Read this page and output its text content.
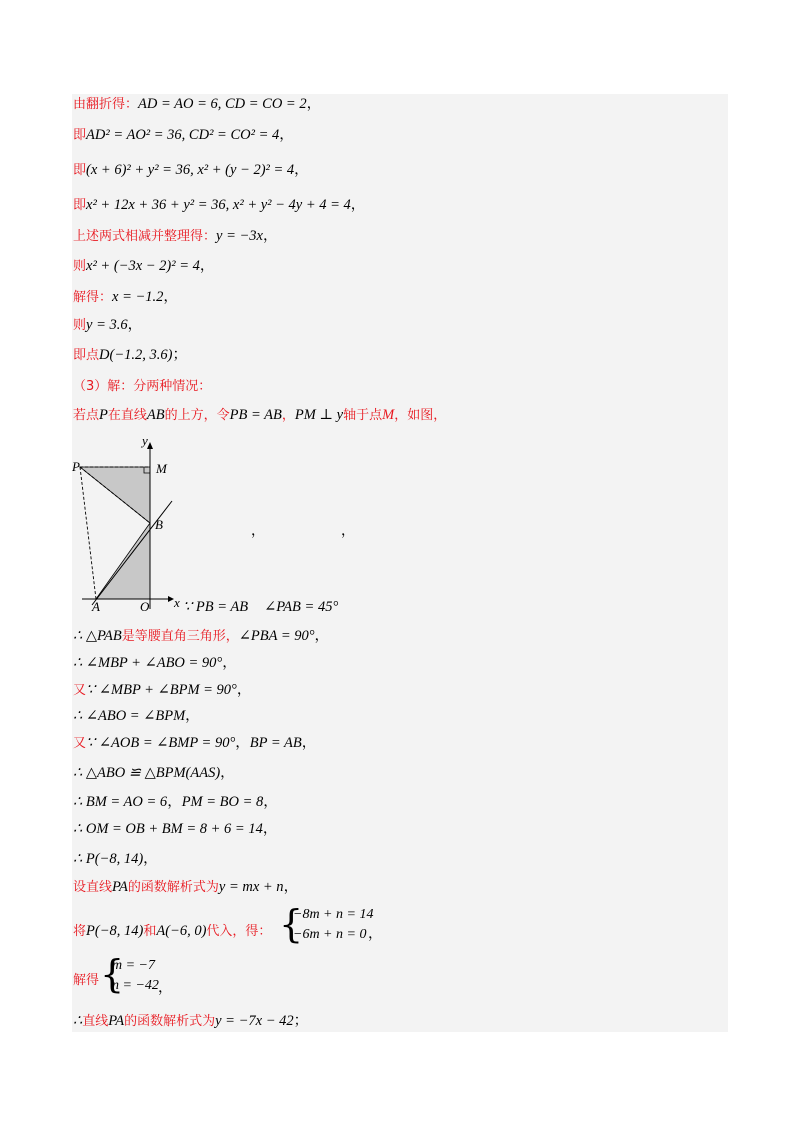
由翻折得：AD = AO = 6, CD = CO = 2，
即AD² = AO² = 36, CD² = CO² = 4，
即(x + 6)² + y² = 36, x² + (y − 2)² = 4，
即x² + 12x + 36 + y² = 36, x² + y² − 4y + 4 = 4，
上述两式相减并整理得：y = −3x，
则x² + (−3x − 2)² = 4，
解得：x = −1.2，
则y = 3.6，
即点D(−1.2, 3.6)；
（3）解：分两种情况：
若点P在直线AB的上方，令PB = AB，PM ⊥ y轴于点M，如图，
y
x
P	M
B
A	O
，	，
∵ PB = AB ∠PAB = 45°
∴ △PAB是等腰直角三角形，∠PBA = 90°，
∴ ∠MBP + ∠ABO = 90°，
又∵ ∠MBP + ∠BPM = 90°，
∴ ∠ABO = ∠BPM，
又∵ ∠AOB = ∠BMP = 90°，BP = AB，
∴ △ABO ≌ △BPM(AAS)，
∴ BM = AO = 6，PM = BO = 8，
∴ OM = OB + BM = 8 + 6 = 14，
∴ P(−8, 14)，
设直线PA的函数解析式为y = mx + n，
将P(−8, 14)和A(−6, 0)代入，得： {
−8m + n = 14
−6m + n = 0 ，
解得 {
m = −7
n = −42 ，
∴直线PA的函数解析式为y = −7x − 42；
